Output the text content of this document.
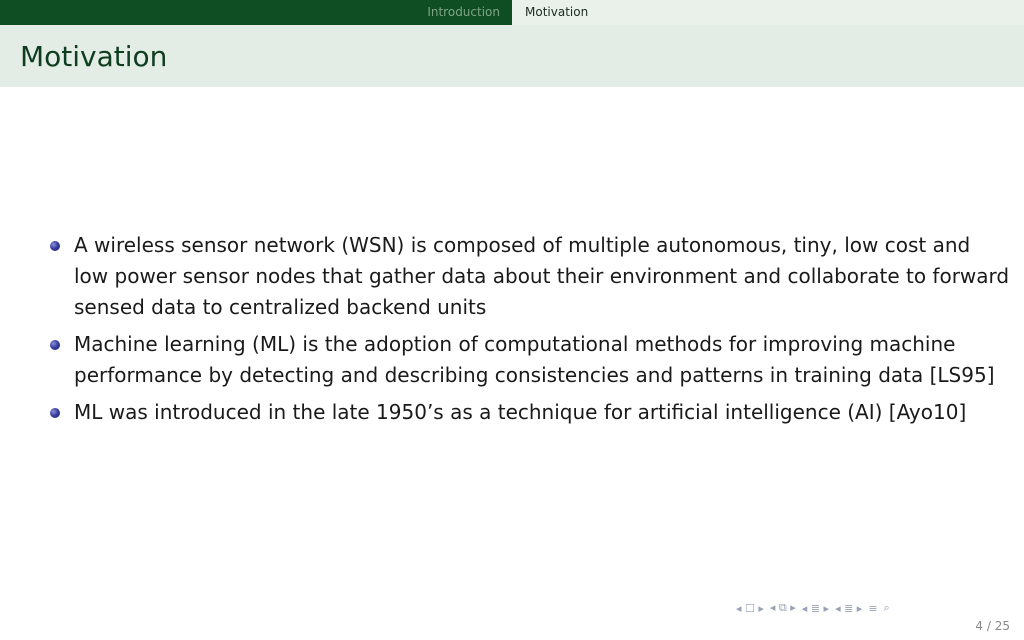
Introduction Motivation
Motivation
A wireless sensor network (WSN) is composed of multiple autonomous, tiny, low cost and low power sensor nodes that gather data about their environment and collaborate to forward sensed data to centralized backend units
Machine learning (ML) is the adoption of computational methods for improving machine performance by detecting and describing consistencies and patterns in training data [LS95]
ML was introduced in the late 1950’s as a technique for artificial intelligence (AI) [Ayo10]
◂ ☐ ▸ ◂ ⧉ ▸ ◂ ≣ ▸ ◂ ≣ ▸ ≡ ⌕
4 / 25
